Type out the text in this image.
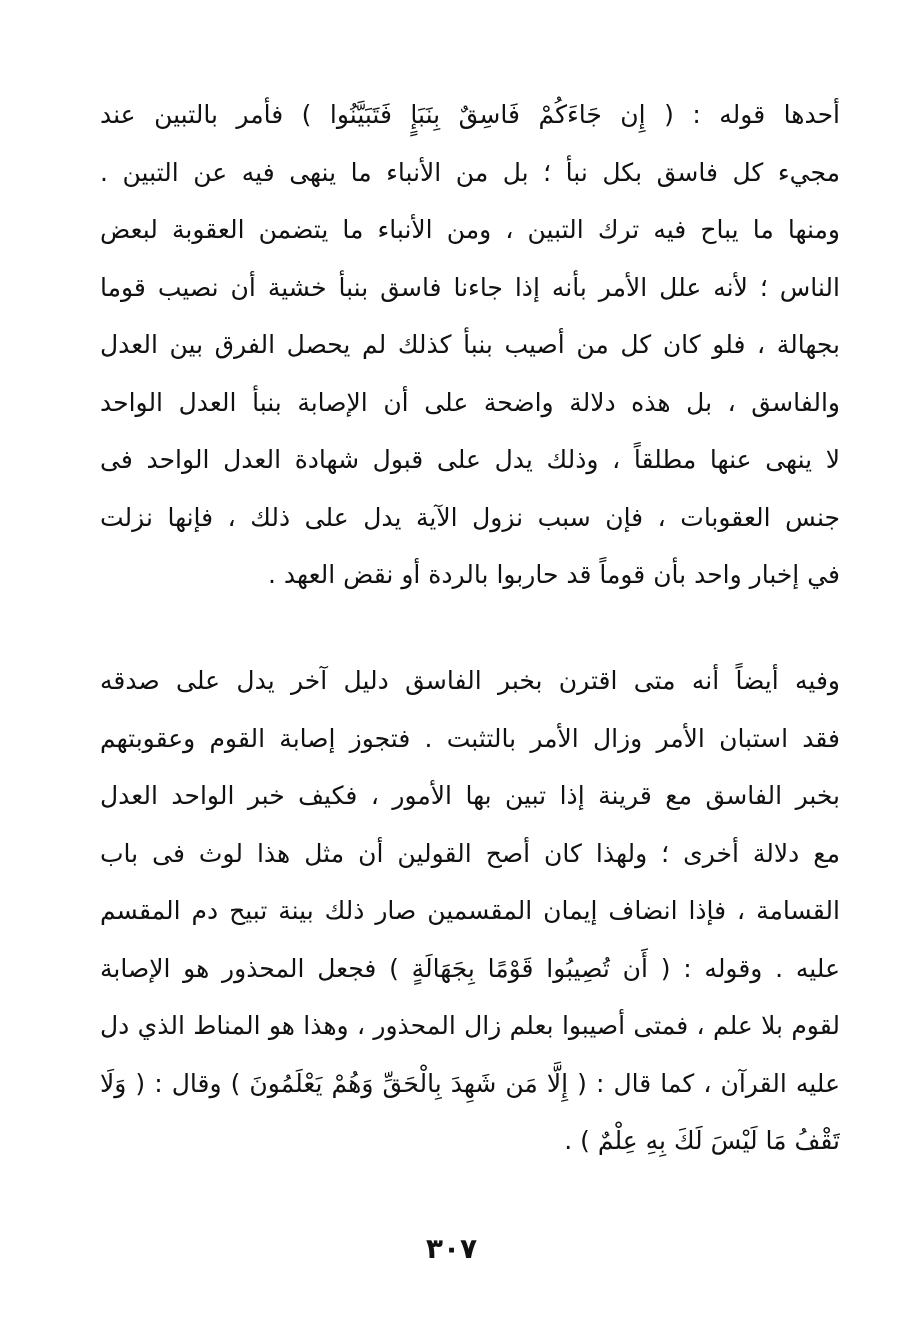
أحدها قوله : ( إِن جَاءَكُمْ فَاسِقٌ بِنَبَإٍ فَتَبَيَّنُوا ) فأمر بالتبين عند
مجيء كل فاسق بكل نبأ ؛ بل من الأنباء ما ينهى فيه عن التبين .
ومنها ما يباح فيه ترك التبين ، ومن الأنباء ما يتضمن العقوبة لبعض
الناس ؛ لأنه علل الأمر بأنه إذا جاءنا فاسق بنبأ خشية أن نصيب قوما
بجهالة ، فلو كان كل من أصيب بنبأ كذلك لم يحصل الفرق بين العدل
والفاسق ، بل هذه دلالة واضحة على أن الإصابة بنبأ العدل الواحد
لا ينهى عنها مطلقاً ، وذلك يدل على قبول شهادة العدل الواحد فى
جنس العقوبات ، فإن سبب نزول الآية يدل على ذلك ، فإنها نزلت
في إخبار واحد بأن قوماً قد حاربوا بالردة أو نقض العهد .
وفيه أيضاً أنه متى اقترن بخبر الفاسق دليل آخر يدل على صدقه
فقد استبان الأمر وزال الأمر بالتثبت . فتجوز إصابة القوم وعقوبتهم
بخبر الفاسق مع قرينة إذا تبين بها الأمور ، فكيف خبر الواحد العدل
مع دلالة أخرى ؛ ولهذا كان أصح القولين أن مثل هذا لوث فى باب
القسامة ، فإذا انضاف إيمان المقسمين صار ذلك بينة تبيح دم المقسم
عليه . وقوله : ( أَن تُصِيبُوا قَوْمًا بِجَهَالَةٍ ) فجعل المحذور هو الإصابة
لقوم بلا علم ، فمتى أصيبوا بعلم زال المحذور ، وهذا هو المناط الذي دل
عليه القرآن ، كما قال : ( إِلَّا مَن شَهِدَ بِالْحَقِّ وَهُمْ يَعْلَمُونَ ) وقال : ( وَلَا
تَقْفُ مَا لَيْسَ لَكَ بِهِ عِلْمٌ ) .
٣٠٧
